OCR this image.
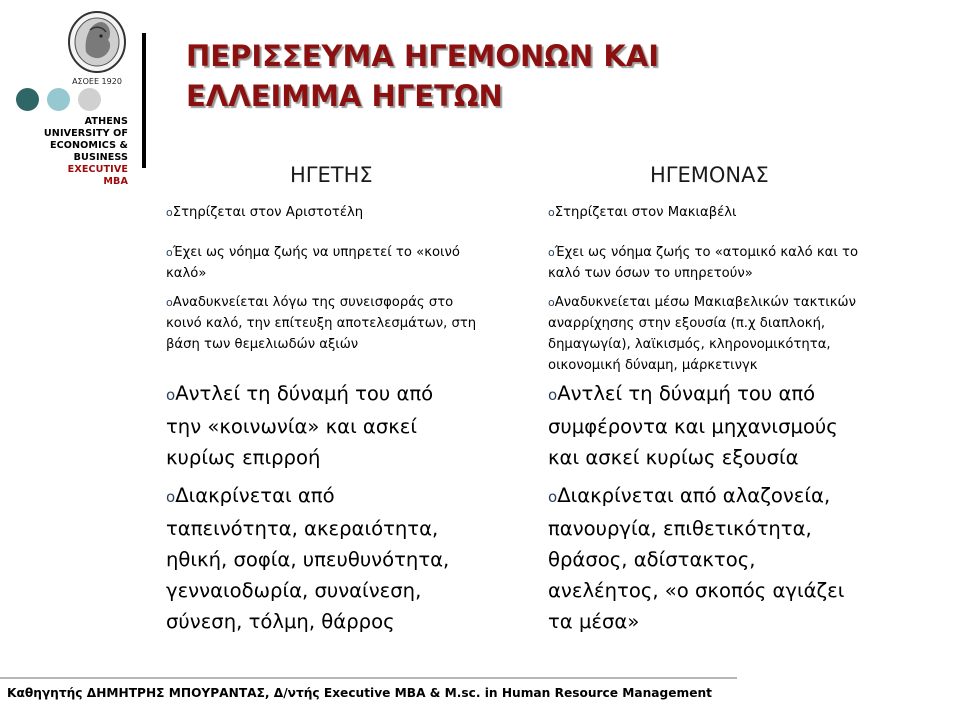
ΑΣΟΕΕ 1920
ATHENS
UNIVERSITY OF
ECONOMICS &
BUSINESS
EXECUTIVE
MBA
ΠΕΡΙΣΣΕΥΜΑ ΗΓΕΜΟΝΩΝ ΚΑΙ
ΕΛΛΕΙΜΜΑ ΗΓΕΤΩΝ
ΗΓΕΤΗΣ	ΗΓΕΜΟΝΑΣ
οΣτηρίζεται στον Αριστοτέλη
οΈχει ως νόημα ζωής να υπηρετεί το «κοινό
καλό»
οΑναδυκνείεται λόγω της συνεισφοράς στο
κοινό καλό, την επίτευξη αποτελεσμάτων, στη
βάση των θεμελιωδών αξιών
οΑντλεί τη δύναμή του από
την «κοινωνία» και ασκεί
κυρίως επιρροή
οΔιακρίνεται από
ταπεινότητα, ακεραιότητα,
ηθική, σοφία, υπευθυνότητα,
γενναιοδωρία, συναίνεση,
σύνεση, τόλμη, θάρρος
οΣτηρίζεται στον Μακιαβέλι
οΈχει ως νόημα ζωής το «ατομικό καλό και το
καλό των όσων το υπηρετούν»
οΑναδυκνείεται μέσω Μακιαβελικών τακτικών
αναρρίχησης στην εξουσία (π.χ διαπλοκή,
δημαγωγία), λαϊκισμός, κληρονομικότητα,
οικονομική δύναμη, μάρκετινγκ
οΑντλεί τη δύναμή του από
συμφέροντα και μηχανισμούς
και ασκεί κυρίως εξουσία
οΔιακρίνεται από αλαζονεία,
πανουργία, επιθετικότητα,
θράσος, αδίστακτος,
ανελέητος, «ο σκοπός αγιάζει
τα μέσα»
Καθηγητής ΔΗΜΗΤΡΗΣ ΜΠΟΥΡΑΝΤΑΣ, Δ/ντής Executive MBA & M.sc. in Human Resource Management
